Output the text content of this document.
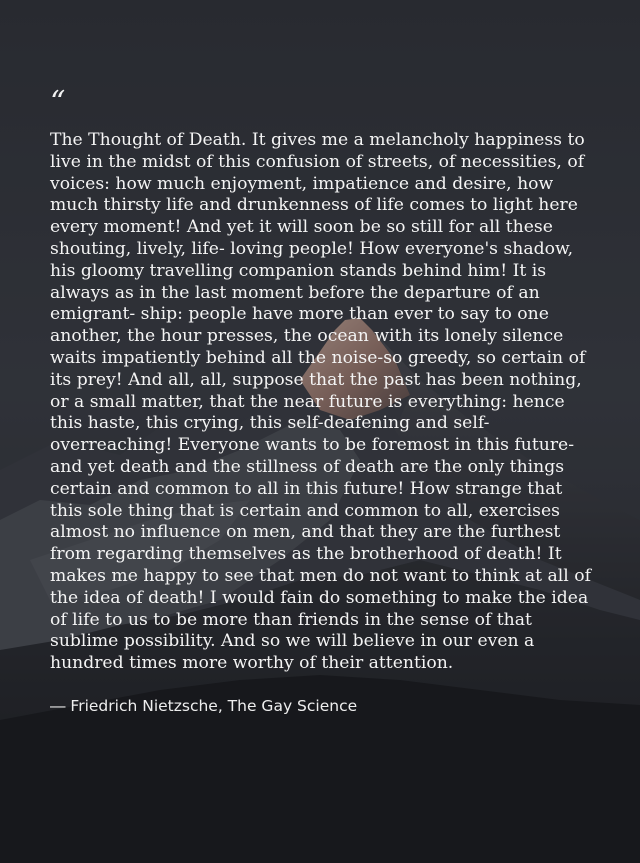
“

The Thought of Death. It gives me a melancholy happiness to live in the midst of this confusion of streets, of necessities, of voices: how much enjoyment, impatience and desire, how much thirsty life and drunkenness of life comes to light here every moment! And yet it will soon be so still for all these shouting, lively, life- loving people! How everyone's shadow, his gloomy travelling companion stands behind him! It is always as in the last moment before the departure of an emigrant- ship: people have more than ever to say to one another, the hour presses, the ocean with its lonely silence waits impatiently behind all the noise-so greedy, so certain of its prey! And all, all, suppose that the past has been nothing, or a small matter, that the near future is everything: hence this haste, this crying, this self-deafening and self-overreaching! Everyone wants to be foremost in this future-and yet death and the stillness of death are the only things certain and common to all in this future! How strange that this sole thing that is certain and common to all, exercises almost no influence on men, and that they are the furthest from regarding themselves as the brotherhood of death! It makes me happy to see that men do not want to think at all of the idea of death! I would fain do something to make the idea of life to us to be more than friends in the sense of that sublime possibility. And so we will believe in our even a hundred times more worthy of their attention.

― Friedrich Nietzsche, The Gay Science
